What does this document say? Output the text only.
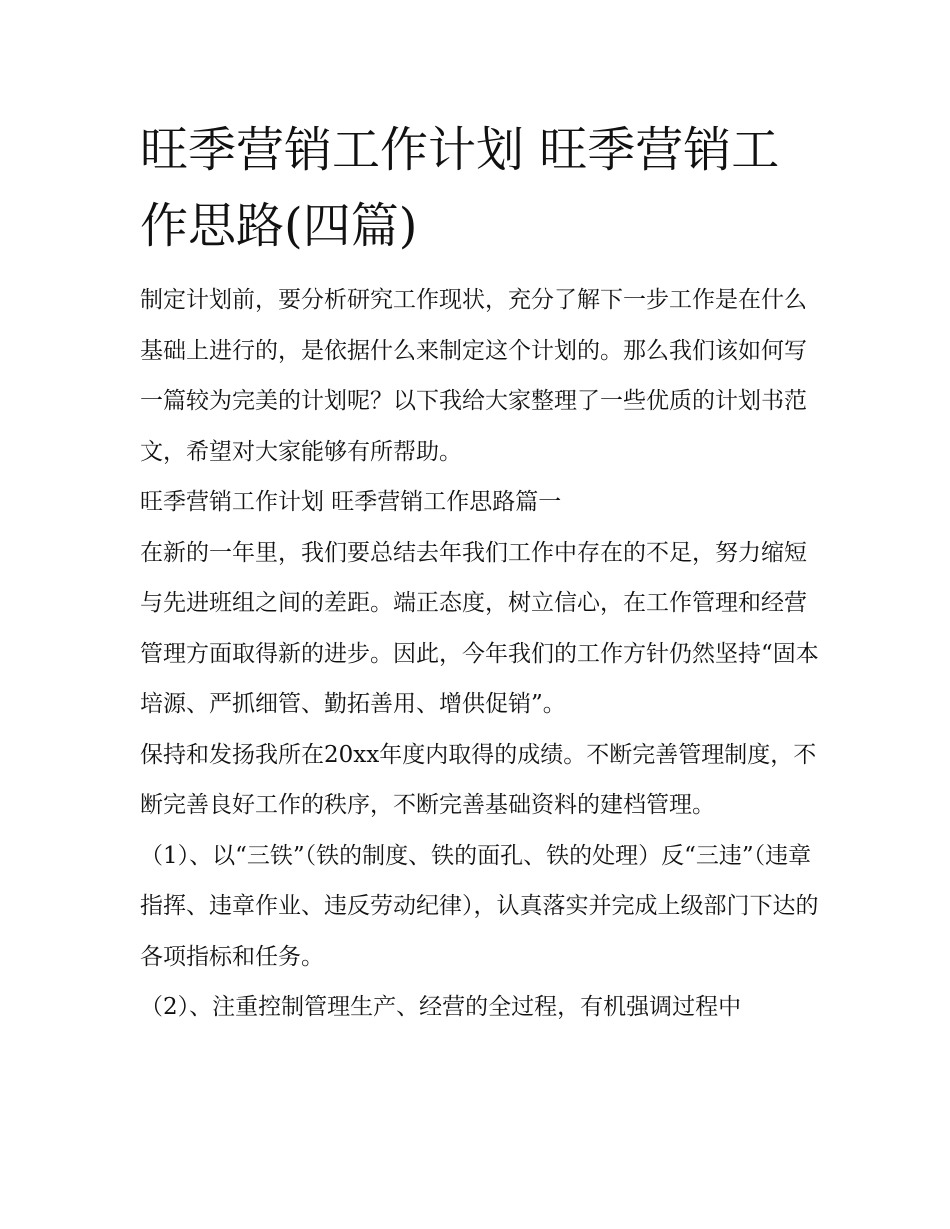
旺季营销工作计划 旺季营销工作思路(四篇)

制定计划前，要分析研究工作现状，充分了解下一步工作是在什么基础上进行的，是依据什么来制定这个计划的。那么我们该如何写一篇较为完美的计划呢？以下我给大家整理了一些优质的计划书范文，希望对大家能够有所帮助。

旺季营销工作计划 旺季营销工作思路篇一

在新的一年里，我们要总结去年我们工作中存在的不足，努力缩短与先进班组之间的差距。端正态度，树立信心，在工作管理和经营管理方面取得新的进步。因此，今年我们的工作方针仍然坚持“固本培源、严抓细管、勤拓善用、增供促销”。

保持和发扬我所在20xx年度内取得的成绩。不断完善管理制度，不断完善良好工作的秩序，不断完善基础资料的建档管理。

（1）、以“三铁”（铁的制度、铁的面孔、铁的处理）反“三违”（违章指挥、违章作业、违反劳动纪律），认真落实并完成上级部门下达的各项指标和任务。

（2）、注重控制管理生产、经营的全过程，有机强调过程中
